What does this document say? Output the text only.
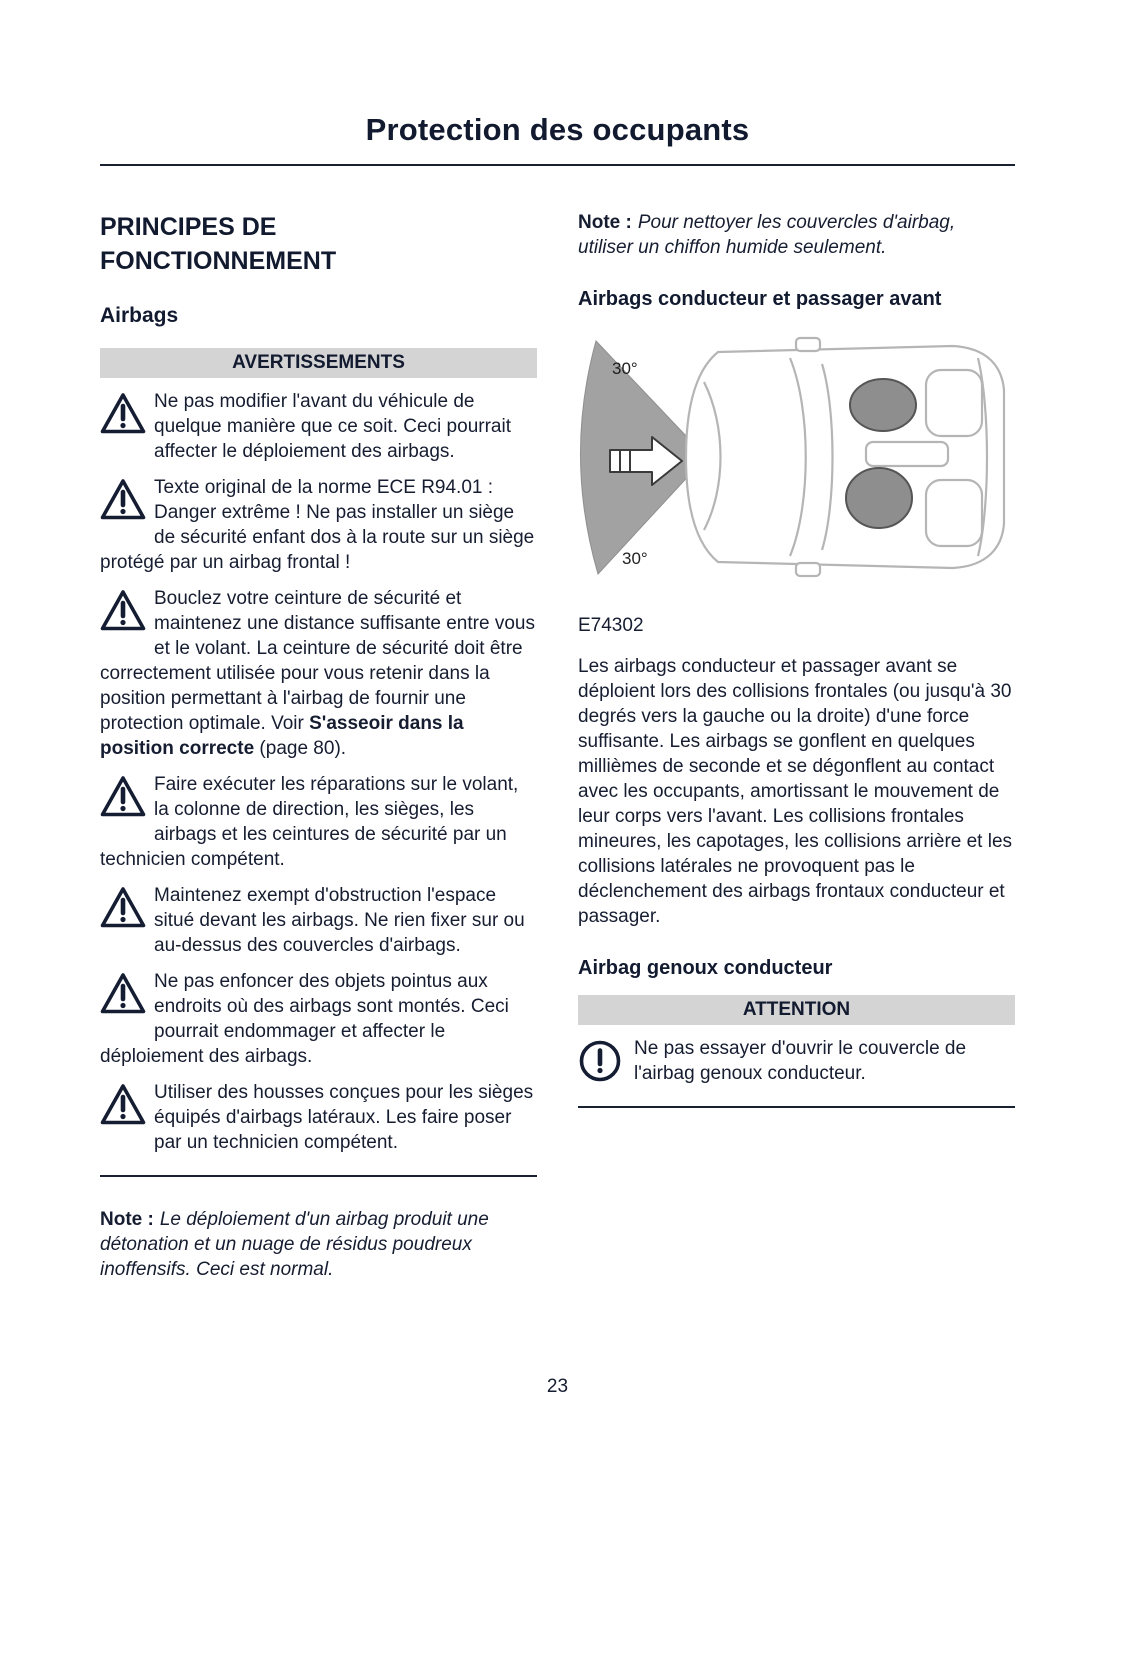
Protection des occupants
PRINCIPES DE FONCTIONNEMENT
Airbags
AVERTISSEMENTS

Ne pas modifier l'avant du véhicule de quelque manière que ce soit. Ceci pourrait affecter le déploiement des airbags.

Texte original de la norme ECE R94.01 : Danger extrême ! Ne pas installer un siège de sécurité enfant dos à la route sur un siège protégé par un airbag frontal !

Bouclez votre ceinture de sécurité et maintenez une distance suffisante entre vous et le volant. La ceinture de sécurité doit être correctement utilisée pour vous retenir dans la position permettant à l'airbag de fournir une protection optimale. Voir S'asseoir dans la position correcte (page 80).

Faire exécuter les réparations sur le volant, la colonne de direction, les sièges, les airbags et les ceintures de sécurité par un technicien compétent.

Maintenez exempt d'obstruction l'espace situé devant les airbags. Ne rien fixer sur ou au-dessus des couvercles d'airbags.

Ne pas enfoncer des objets pointus aux endroits où des airbags sont montés. Ceci pourrait endommager et affecter le déploiement des airbags.

Utiliser des housses conçues pour les sièges équipés d'airbags latéraux. Les faire poser par un technicien compétent.

Note : Le déploiement d'un airbag produit une détonation et un nuage de résidus poudreux inoffensifs. Ceci est normal.

Note : Pour nettoyer les couvercles d'airbag, utiliser un chiffon humide seulement.

Airbags conducteur et passager avant
30°
30°

E74302

Les airbags conducteur et passager avant se déploient lors des collisions frontales (ou jusqu'à 30 degrés vers la gauche ou la droite) d'une force suffisante. Les airbags se gonflent en quelques millièmes de seconde et se dégonflent au contact avec les occupants, amortissant le mouvement de leur corps vers l'avant. Les collisions frontales mineures, les capotages, les collisions arrière et les collisions latérales ne provoquent pas le déclenchement des airbags frontaux conducteur et passager.

Airbag genoux conducteur
ATTENTION

Ne pas essayer d'ouvrir le couvercle de l'airbag genoux conducteur.

23
